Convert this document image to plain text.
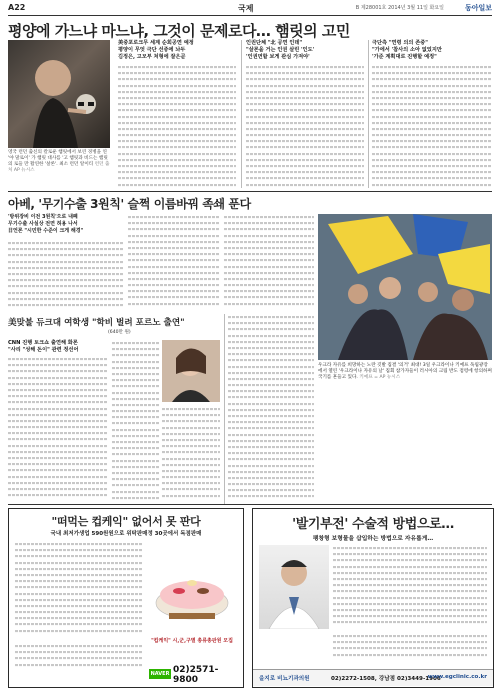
A22	국제	B 제28001호 2014년 3월 11일 화요일	동아일보
평양에 가느냐 마느냐, 그것이 문제로다… 햄릿의 고민
영국 런던 출신의 칼로운 햄릿에서 보린 경병을 연 '야 말로이' 가 햄릿 대사를 '고 햄릿과 비드는 햄릿의 로들 만 활연한 '살론'. 최소 런던 알이티 런던 출처 AP 뉴시스
美중포로크무 세계 순회공연 예정
평양이 무엇 극단 선증에 놔두
김정은, 고모부 처형에 잘은곧
인권단체 "北 공연 인데"
"살론을 거는 인권 살린 '인도'
'인권먼할 보게 관심 가져야'
극단측 "연령 의의 존중"
"가에서 '참사의 소아 없었지만
'가준 계획대로 진행할 예정"
아베, '무기수출 3원칙' 슬쩍 이름바꿔 족쇄 푼다
'방위장비 이전 3원칙'으로 내폐
무기수출 사실상 전면 허용 나서
日언론 "시민한 수준이 크게 해경"
美맞불 듀크대 여학생 "학비 벌려 포르노 출연"
(640만 원)
CNN 진행 토크쇼 출연해 화론
"사리 "성해 돈이" 관련 정선어
우크라 자유를 희망하는 노란 깃발 집결 '의거' 최대! 3일 우크라이나 키예프 독립광장에서 열린 '우크라이나 자유의 날' 집회 참가자들이 러시아의 크림 반도 점령에 항의하며 국기를 흔들고 있다. 키예프 = AP 뉴시스
"떠먹는 컵케익" 없어서 못 판다
국내 최저가생업 590원원으로 위탁판매정 30곳에서 독점판매
"컵케익" 시,군,구별 총류총판원 모집
NAVER 02)2571-9800
'발기부전' 수술적 방법으로…
팽창형 보형물을 삽입하는 방법으로 자유롭게…
을지로 비뇨기과의원	02)2272-1508, 강남점 02)3449-1906
www.egclinic.co.kr
